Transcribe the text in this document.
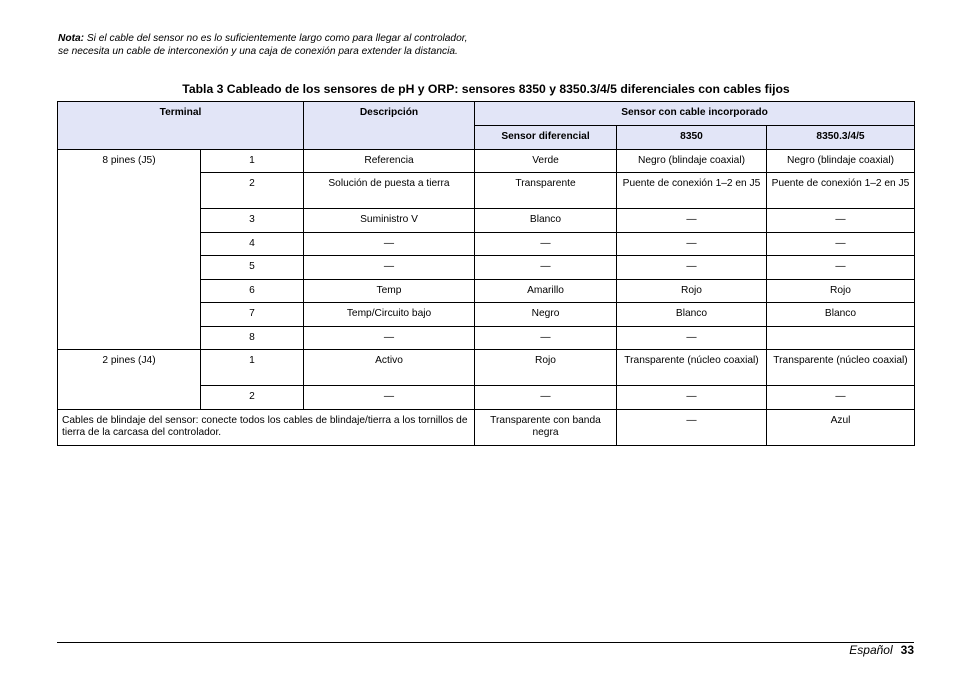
Nota: Si el cable del sensor no es lo suficientemente largo como para llegar al controlador, se necesita un cable de interconexión y una caja de conexión para extender la distancia.
Tabla 3 Cableado de los sensores de pH y ORP: sensores 8350 y 8350.3/4/5 diferenciales con cables fijos
Terminal		Descripción	Sensor con cable incorporado		
			Sensor diferencial	8350	8350.3/4/5
8 pines (J5)	1	Referencia	Verde	Negro (blindaje coaxial)	Negro (blindaje coaxial)
	2	Solución de puesta a tierra	Transparente	Puente de conexión 1–2 en J5	Puente de conexión 1–2 en J5
	3	Suministro V	Blanco	—	—
	4	—	—	—	—
	5	—	—	—	—
	6	Temp	Amarillo	Rojo	Rojo
	7	Temp/Circuito bajo	Negro	Blanco	Blanco
	8	—	—	—	
2 pines (J4)	1	Activo	Rojo	Transparente (núcleo coaxial)	Transparente (núcleo coaxial)
	2	—	—	—	—
Cables de blindaje del sensor: conecte todos los cables de blindaje/tierra a los tornillos de tierra de la carcasa del controlador.			Transparente con banda negra	—	Azul
Español 33
